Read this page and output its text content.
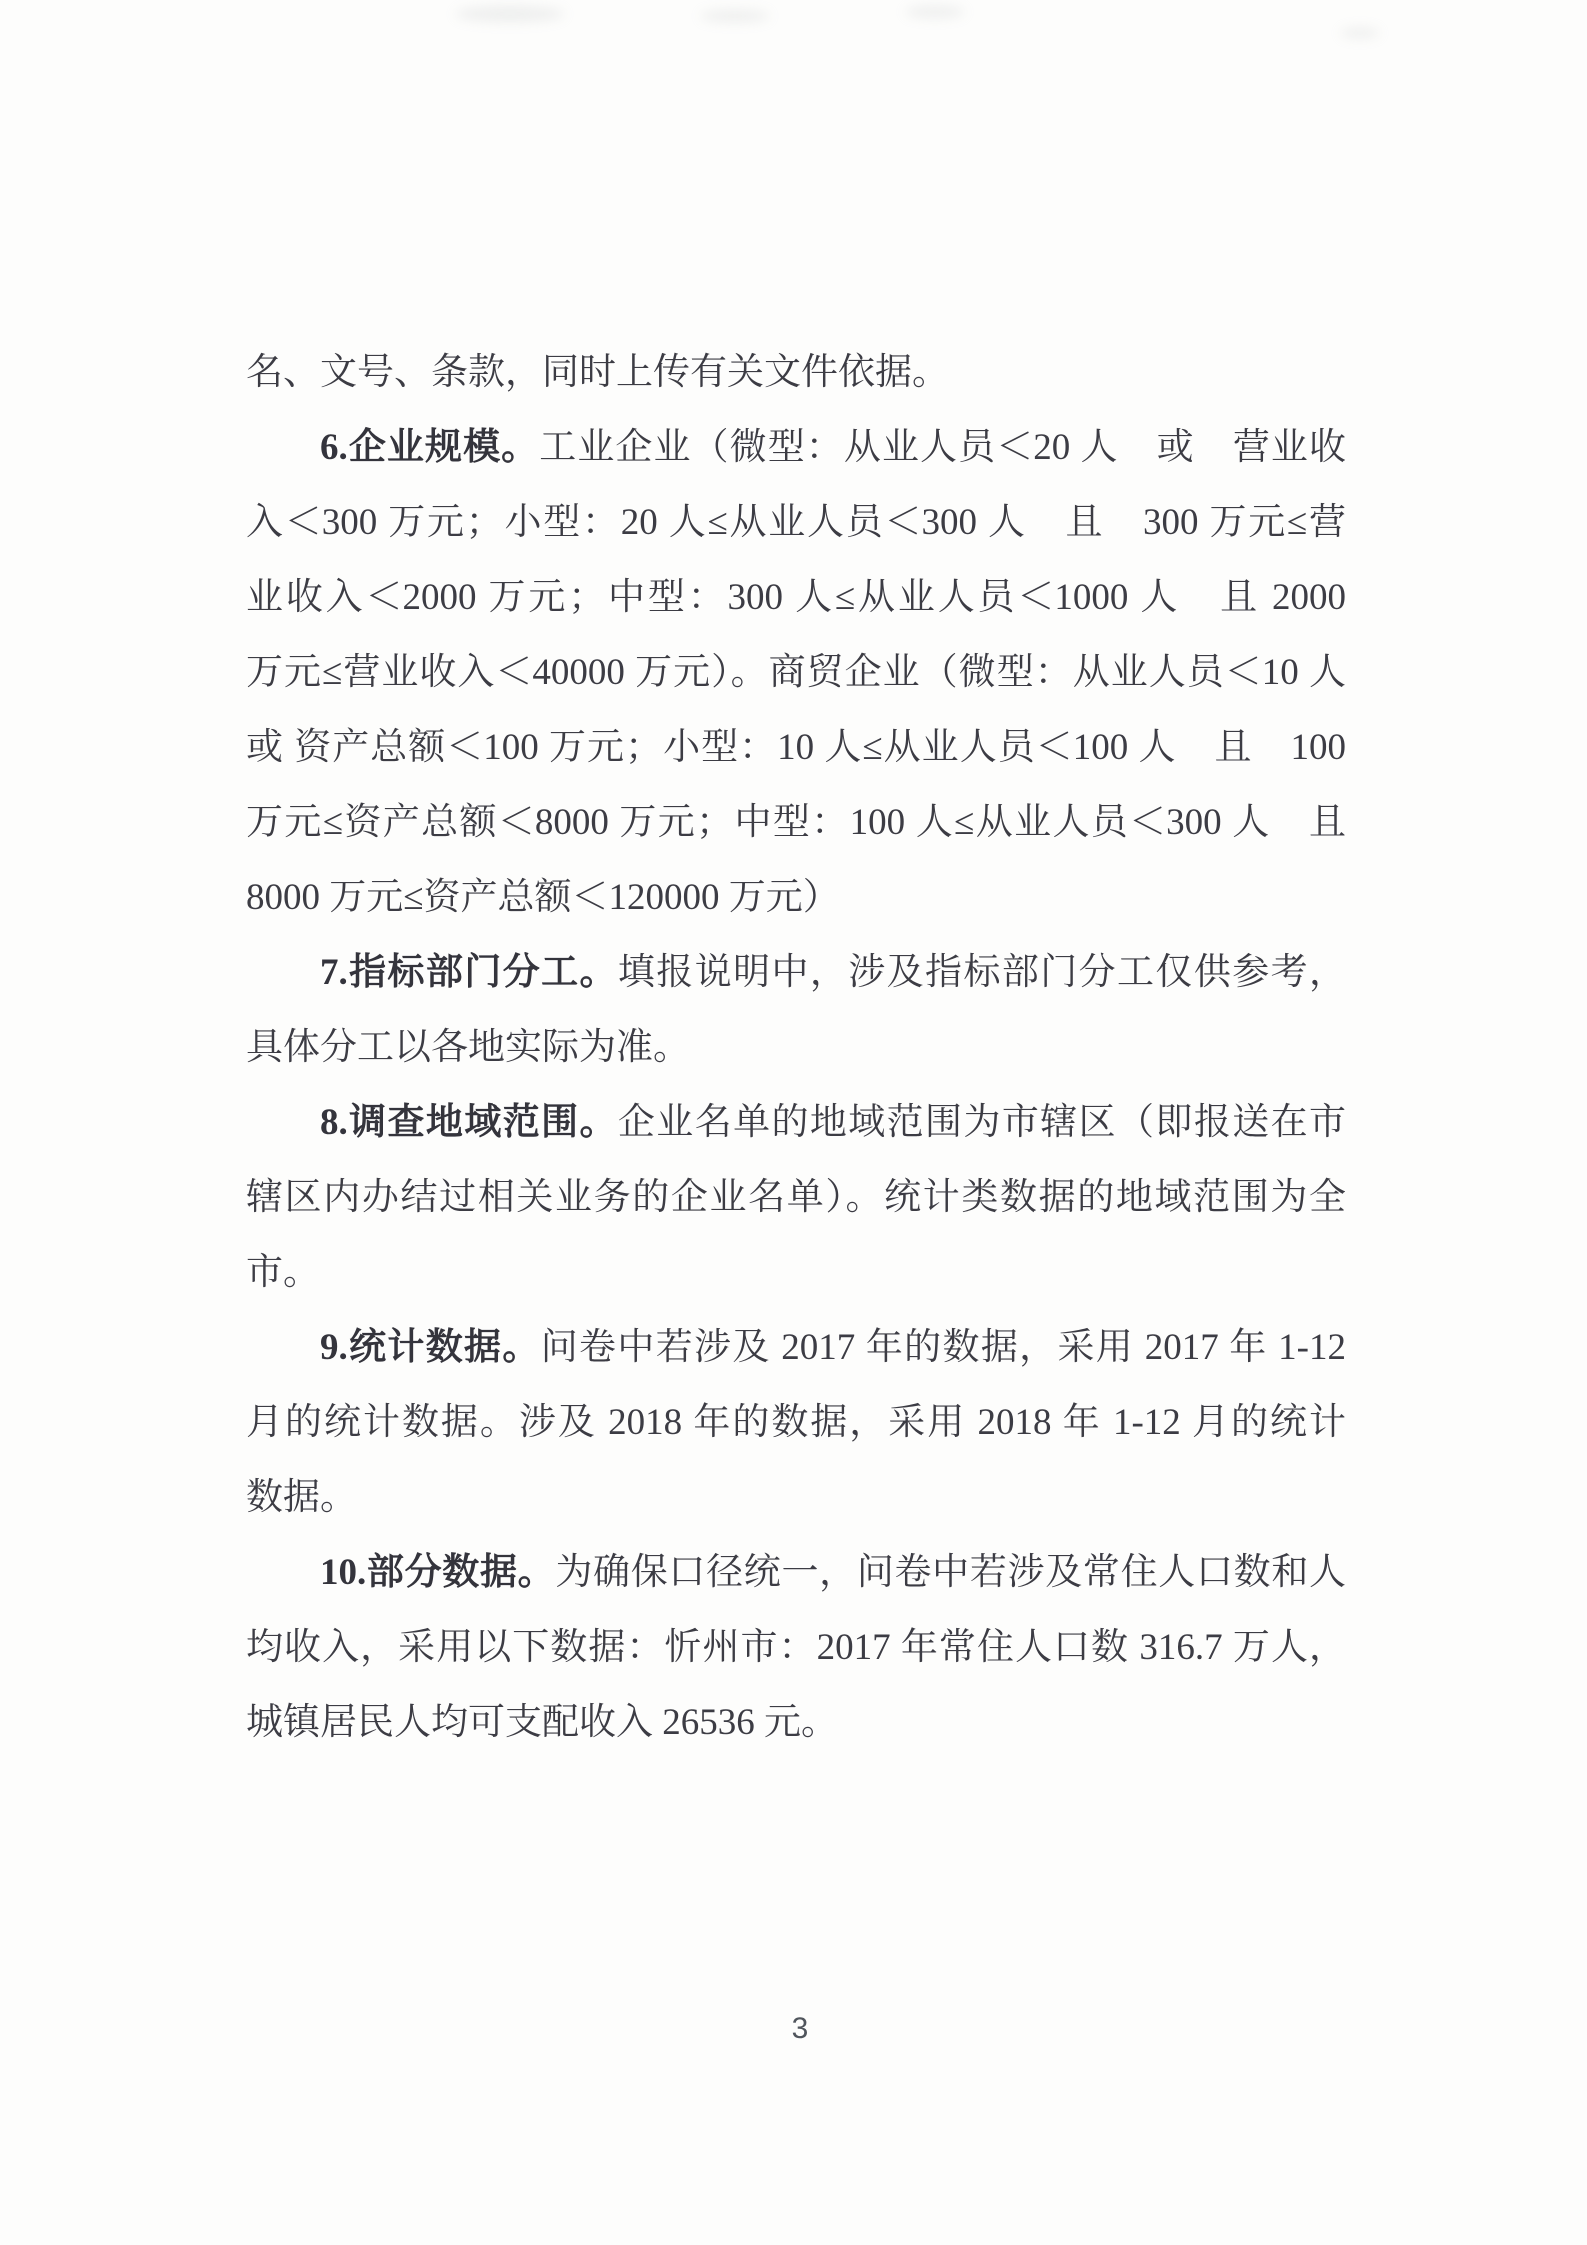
名、文号、条款，同时上传有关文件依据。
6.企业规模。工业企业（微型：从业人员＜20 人　或　营业收
入＜300 万元；小型：20 人≤从业人员＜300 人　且　300 万元≤营
业收入＜2000 万元；中型：300 人≤从业人员＜1000 人　且 2000
万元≤营业收入＜40000 万元）。商贸企业（微型：从业人员＜10 人
或 资产总额＜100 万元；小型：10 人≤从业人员＜100 人　且　100
万元≤资产总额＜8000 万元；中型：100 人≤从业人员＜300 人　且
8000 万元≤资产总额＜120000 万元）
7.指标部门分工。填报说明中，涉及指标部门分工仅供参考，
具体分工以各地实际为准。
8.调查地域范围。企业名单的地域范围为市辖区（即报送在市
辖区内办结过相关业务的企业名单）。统计类数据的地域范围为全
市。
9.统计数据。问卷中若涉及 2017 年的数据，采用 2017 年 1-12
月的统计数据。涉及 2018 年的数据，采用 2018 年 1-12 月的统计
数据。
10.部分数据。为确保口径统一，问卷中若涉及常住人口数和人
均收入，采用以下数据：忻州市：2017 年常住人口数 316.7 万人，
城镇居民人均可支配收入 26536 元。
3
